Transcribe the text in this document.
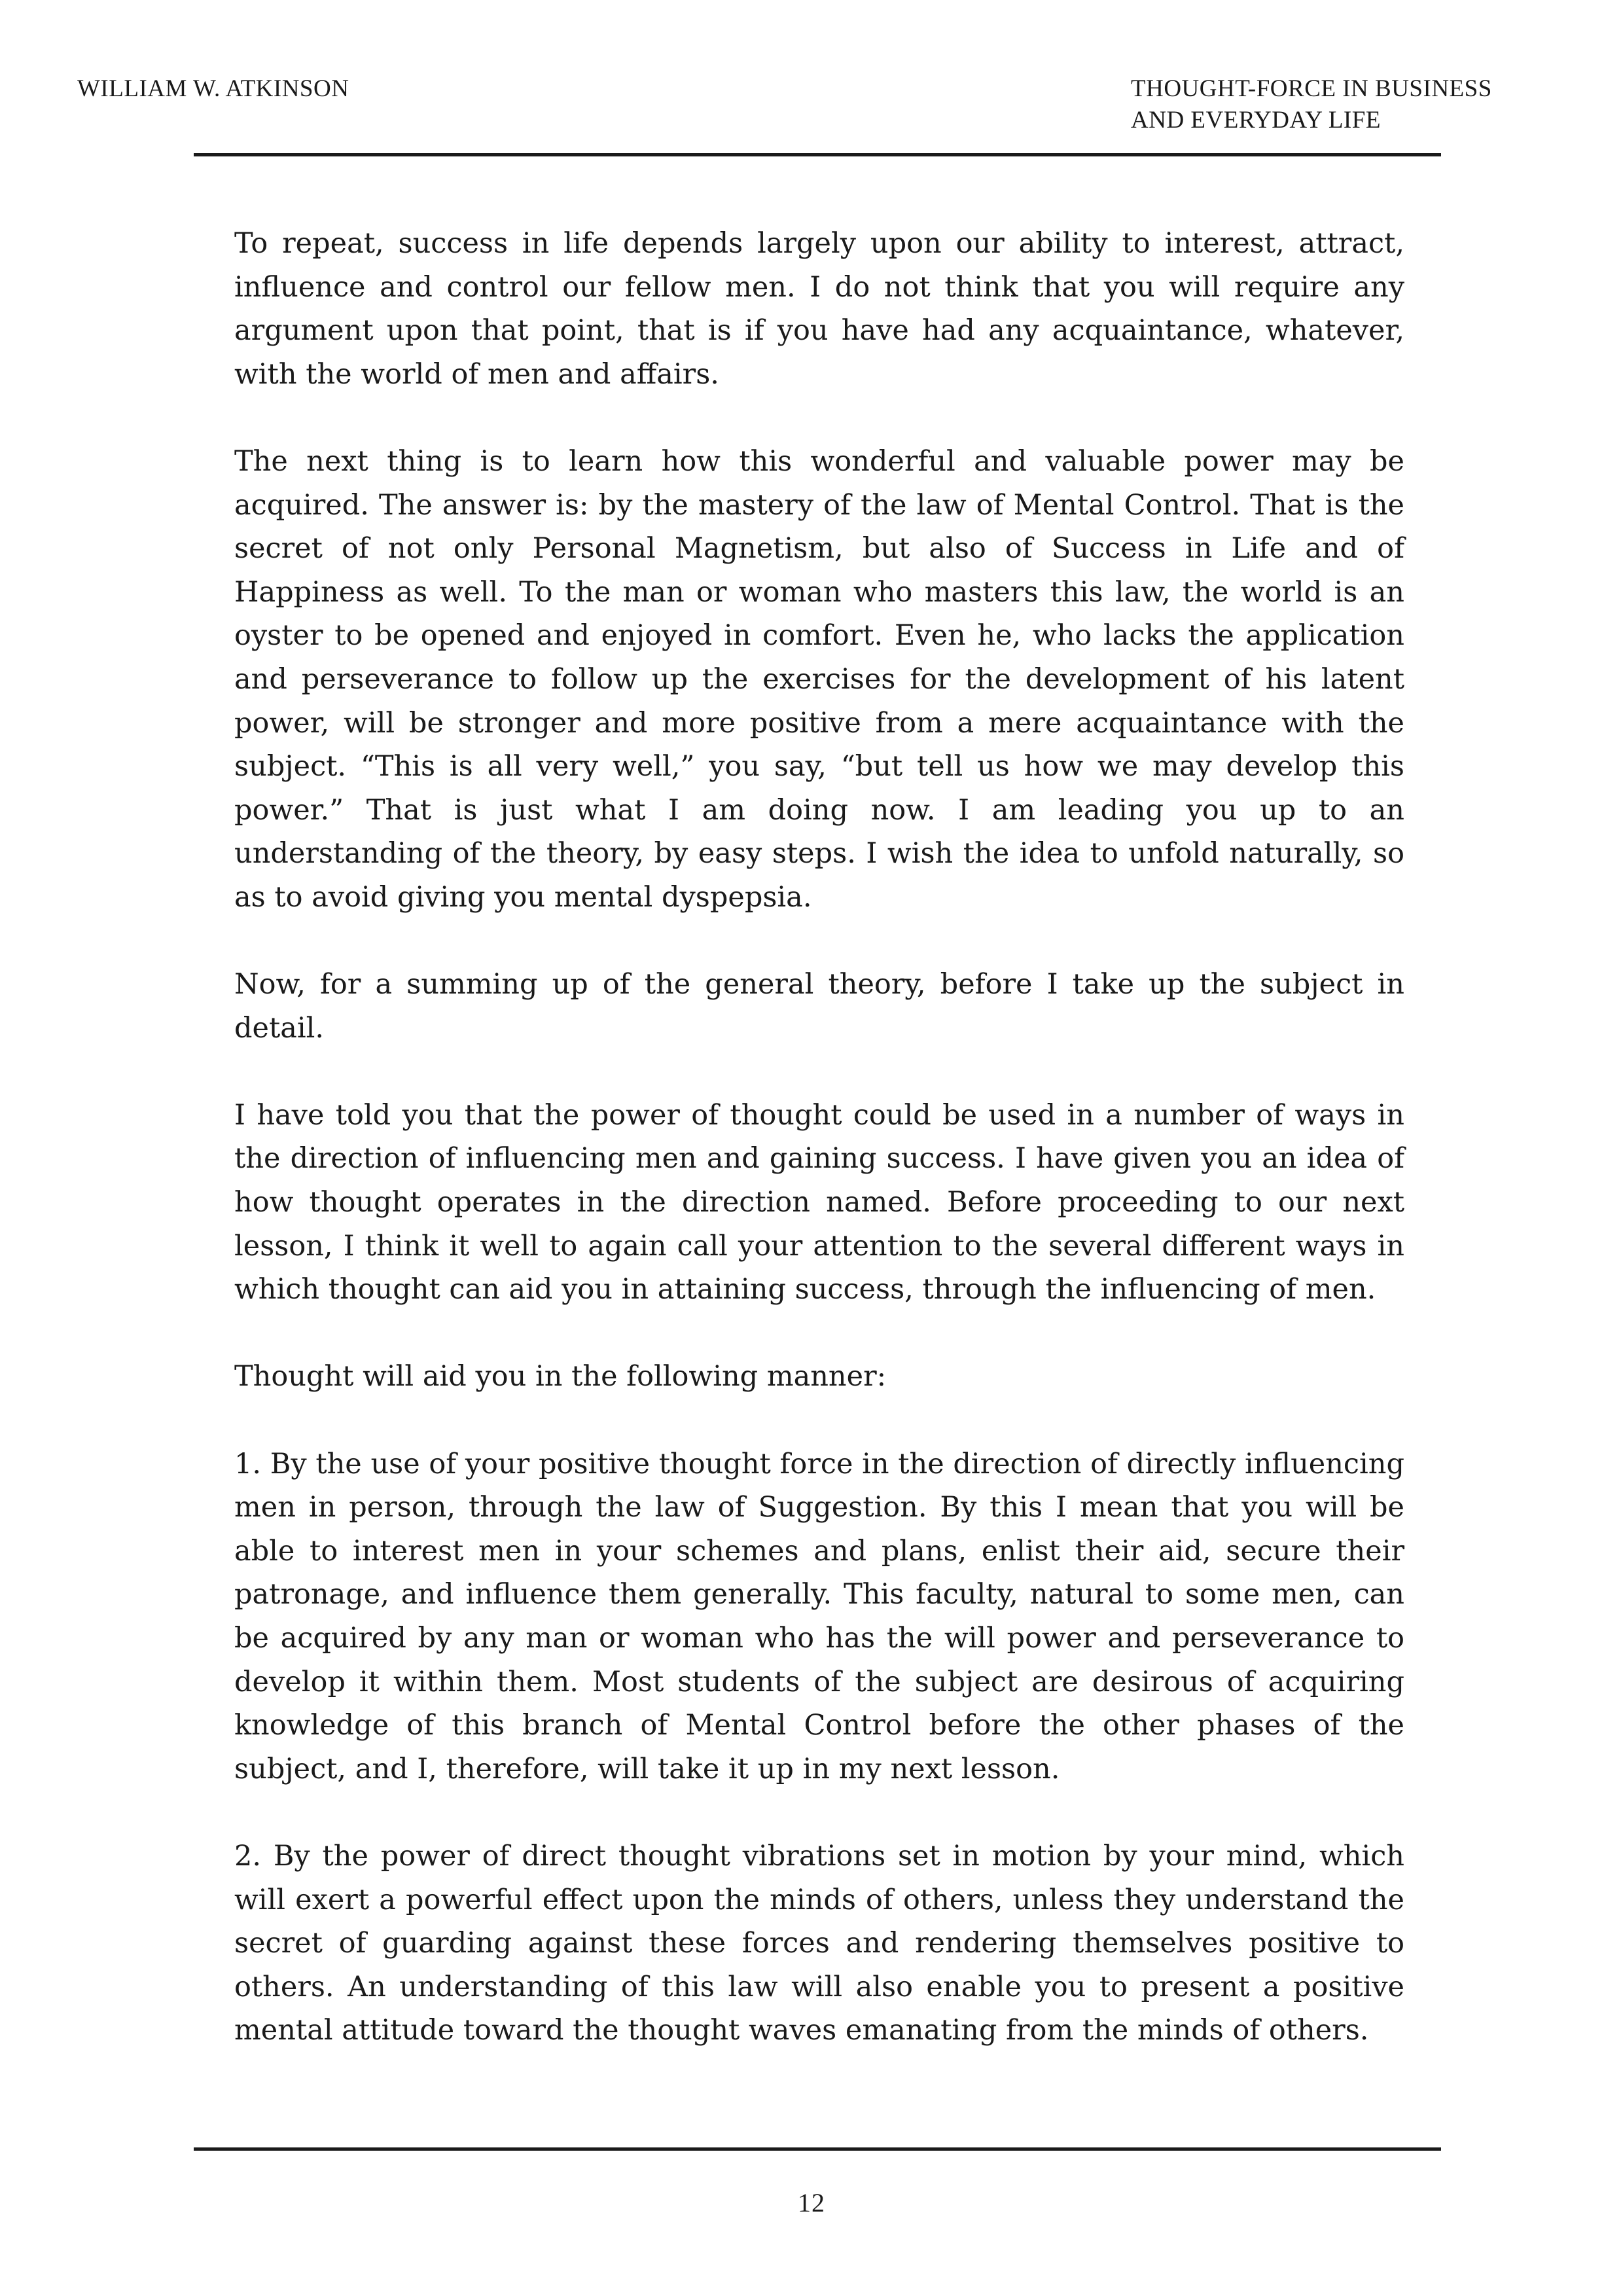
WILLIAM W. ATKINSON	THOUGHT-FORCE IN BUSINESS
AND EVERYDAY LIFE

To repeat, success in life depends largely upon our ability to interest, attract, influence and control our fellow men. I do not think that you will require any argument upon that point, that is if you have had any acquaintance, whatever, with the world of men and affairs.

The next thing is to learn how this wonderful and valuable power may be acquired. The answer is: by the mastery of the law of Mental Control. That is the secret of not only Personal Magnetism, but also of Success in Life and of Happiness as well. To the man or woman who masters this law, the world is an oyster to be opened and enjoyed in comfort. Even he, who lacks the application and perseverance to follow up the exercises for the development of his latent power, will be stronger and more positive from a mere acquaintance with the subject. “This is all very well,” you say, “but tell us how we may develop this power.” That is just what I am doing now. I am leading you up to an understanding of the theory, by easy steps. I wish the idea to unfold naturally, so as to avoid giving you mental dyspepsia.

Now, for a summing up of the general theory, before I take up the subject in detail.

I have told you that the power of thought could be used in a number of ways in the direction of influencing men and gaining success. I have given you an idea of how thought operates in the direction named. Before proceeding to our next lesson, I think it well to again call your attention to the several different ways in which thought can aid you in attaining success, through the influencing of men.

Thought will aid you in the following manner:

1. By the use of your positive thought force in the direction of directly influencing men in person, through the law of Suggestion. By this I mean that you will be able to interest men in your schemes and plans, enlist their aid, secure their patronage, and influence them generally. This faculty, natural to some men, can be acquired by any man or woman who has the will power and perseverance to develop it within them. Most students of the subject are desirous of acquiring knowledge of this branch of Mental Control before the other phases of the subject, and I, therefore, will take it up in my next lesson.

2. By the power of direct thought vibrations set in motion by your mind, which will exert a powerful effect upon the minds of others, unless they understand the secret of guarding against these forces and rendering themselves positive to others. An understanding of this law will also enable you to present a positive mental attitude toward the thought waves emanating from the minds of others.

12
